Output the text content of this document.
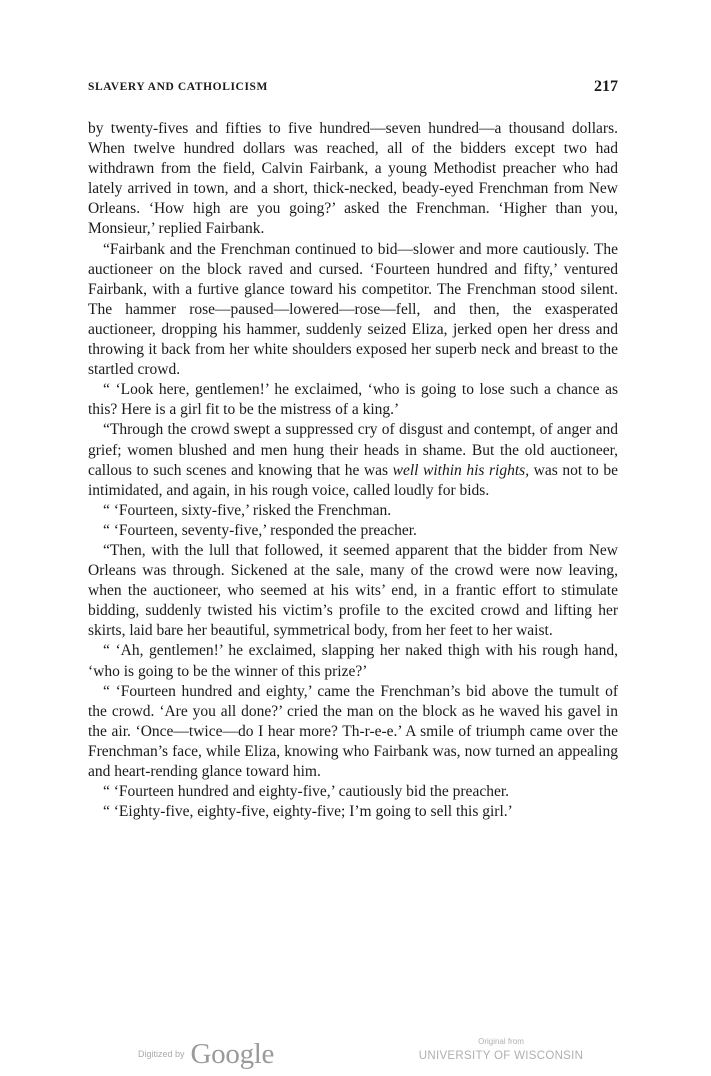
SLAVERY AND CATHOLICISM	217

by twenty-fives and fifties to five hundred—seven hundred—a thousand dollars. When twelve hundred dollars was reached, all of the bidders except two had withdrawn from the field, Calvin Fairbank, a young Methodist preacher who had lately arrived in town, and a short, thick-necked, beady-eyed Frenchman from New Orleans. ‘How high are you going?’ asked the Frenchman. ‘Higher than you, Monsieur,’ replied Fairbank.

“Fairbank and the Frenchman continued to bid—slower and more cautiously. The auctioneer on the block raved and cursed. ‘Fourteen hundred and fifty,’ ventured Fairbank, with a furtive glance toward his competitor. The Frenchman stood silent. The hammer rose—paused—lowered—rose—fell, and then, the exasperated auctioneer, dropping his hammer, suddenly seized Eliza, jerked open her dress and throwing it back from her white shoulders exposed her superb neck and breast to the startled crowd.

“ ‘Look here, gentlemen!’ he exclaimed, ‘who is going to lose such a chance as this? Here is a girl fit to be the mistress of a king.’

“Through the crowd swept a suppressed cry of disgust and contempt, of anger and grief; women blushed and men hung their heads in shame. But the old auctioneer, callous to such scenes and knowing that he was well within his rights, was not to be intimidated, and again, in his rough voice, called loudly for bids.

“ ‘Fourteen, sixty-five,’ risked the Frenchman.

“ ‘Fourteen, seventy-five,’ responded the preacher.

“Then, with the lull that followed, it seemed apparent that the bidder from New Orleans was through. Sickened at the sale, many of the crowd were now leaving, when the auctioneer, who seemed at his wits’ end, in a frantic effort to stimulate bidding, suddenly twisted his victim’s profile to the excited crowd and lifting her skirts, laid bare her beautiful, symmetrical body, from her feet to her waist.

“ ‘Ah, gentlemen!’ he exclaimed, slapping her naked thigh with his rough hand, ‘who is going to be the winner of this prize?’

“ ‘Fourteen hundred and eighty,’ came the Frenchman’s bid above the tumult of the crowd. ‘Are you all done?’ cried the man on the block as he waved his gavel in the air. ‘Once—twice—do I hear more? Th-r-e-e.’ A smile of triumph came over the Frenchman’s face, while Eliza, knowing who Fairbank was, now turned an appealing and heart-rending glance toward him.

“ ‘Fourteen hundred and eighty-five,’ cautiously bid the preacher.

“ ‘Eighty-five, eighty-five, eighty-five; I’m going to sell this girl.’

Digitized by Google	Original from
UNIVERSITY OF WISCONSIN
